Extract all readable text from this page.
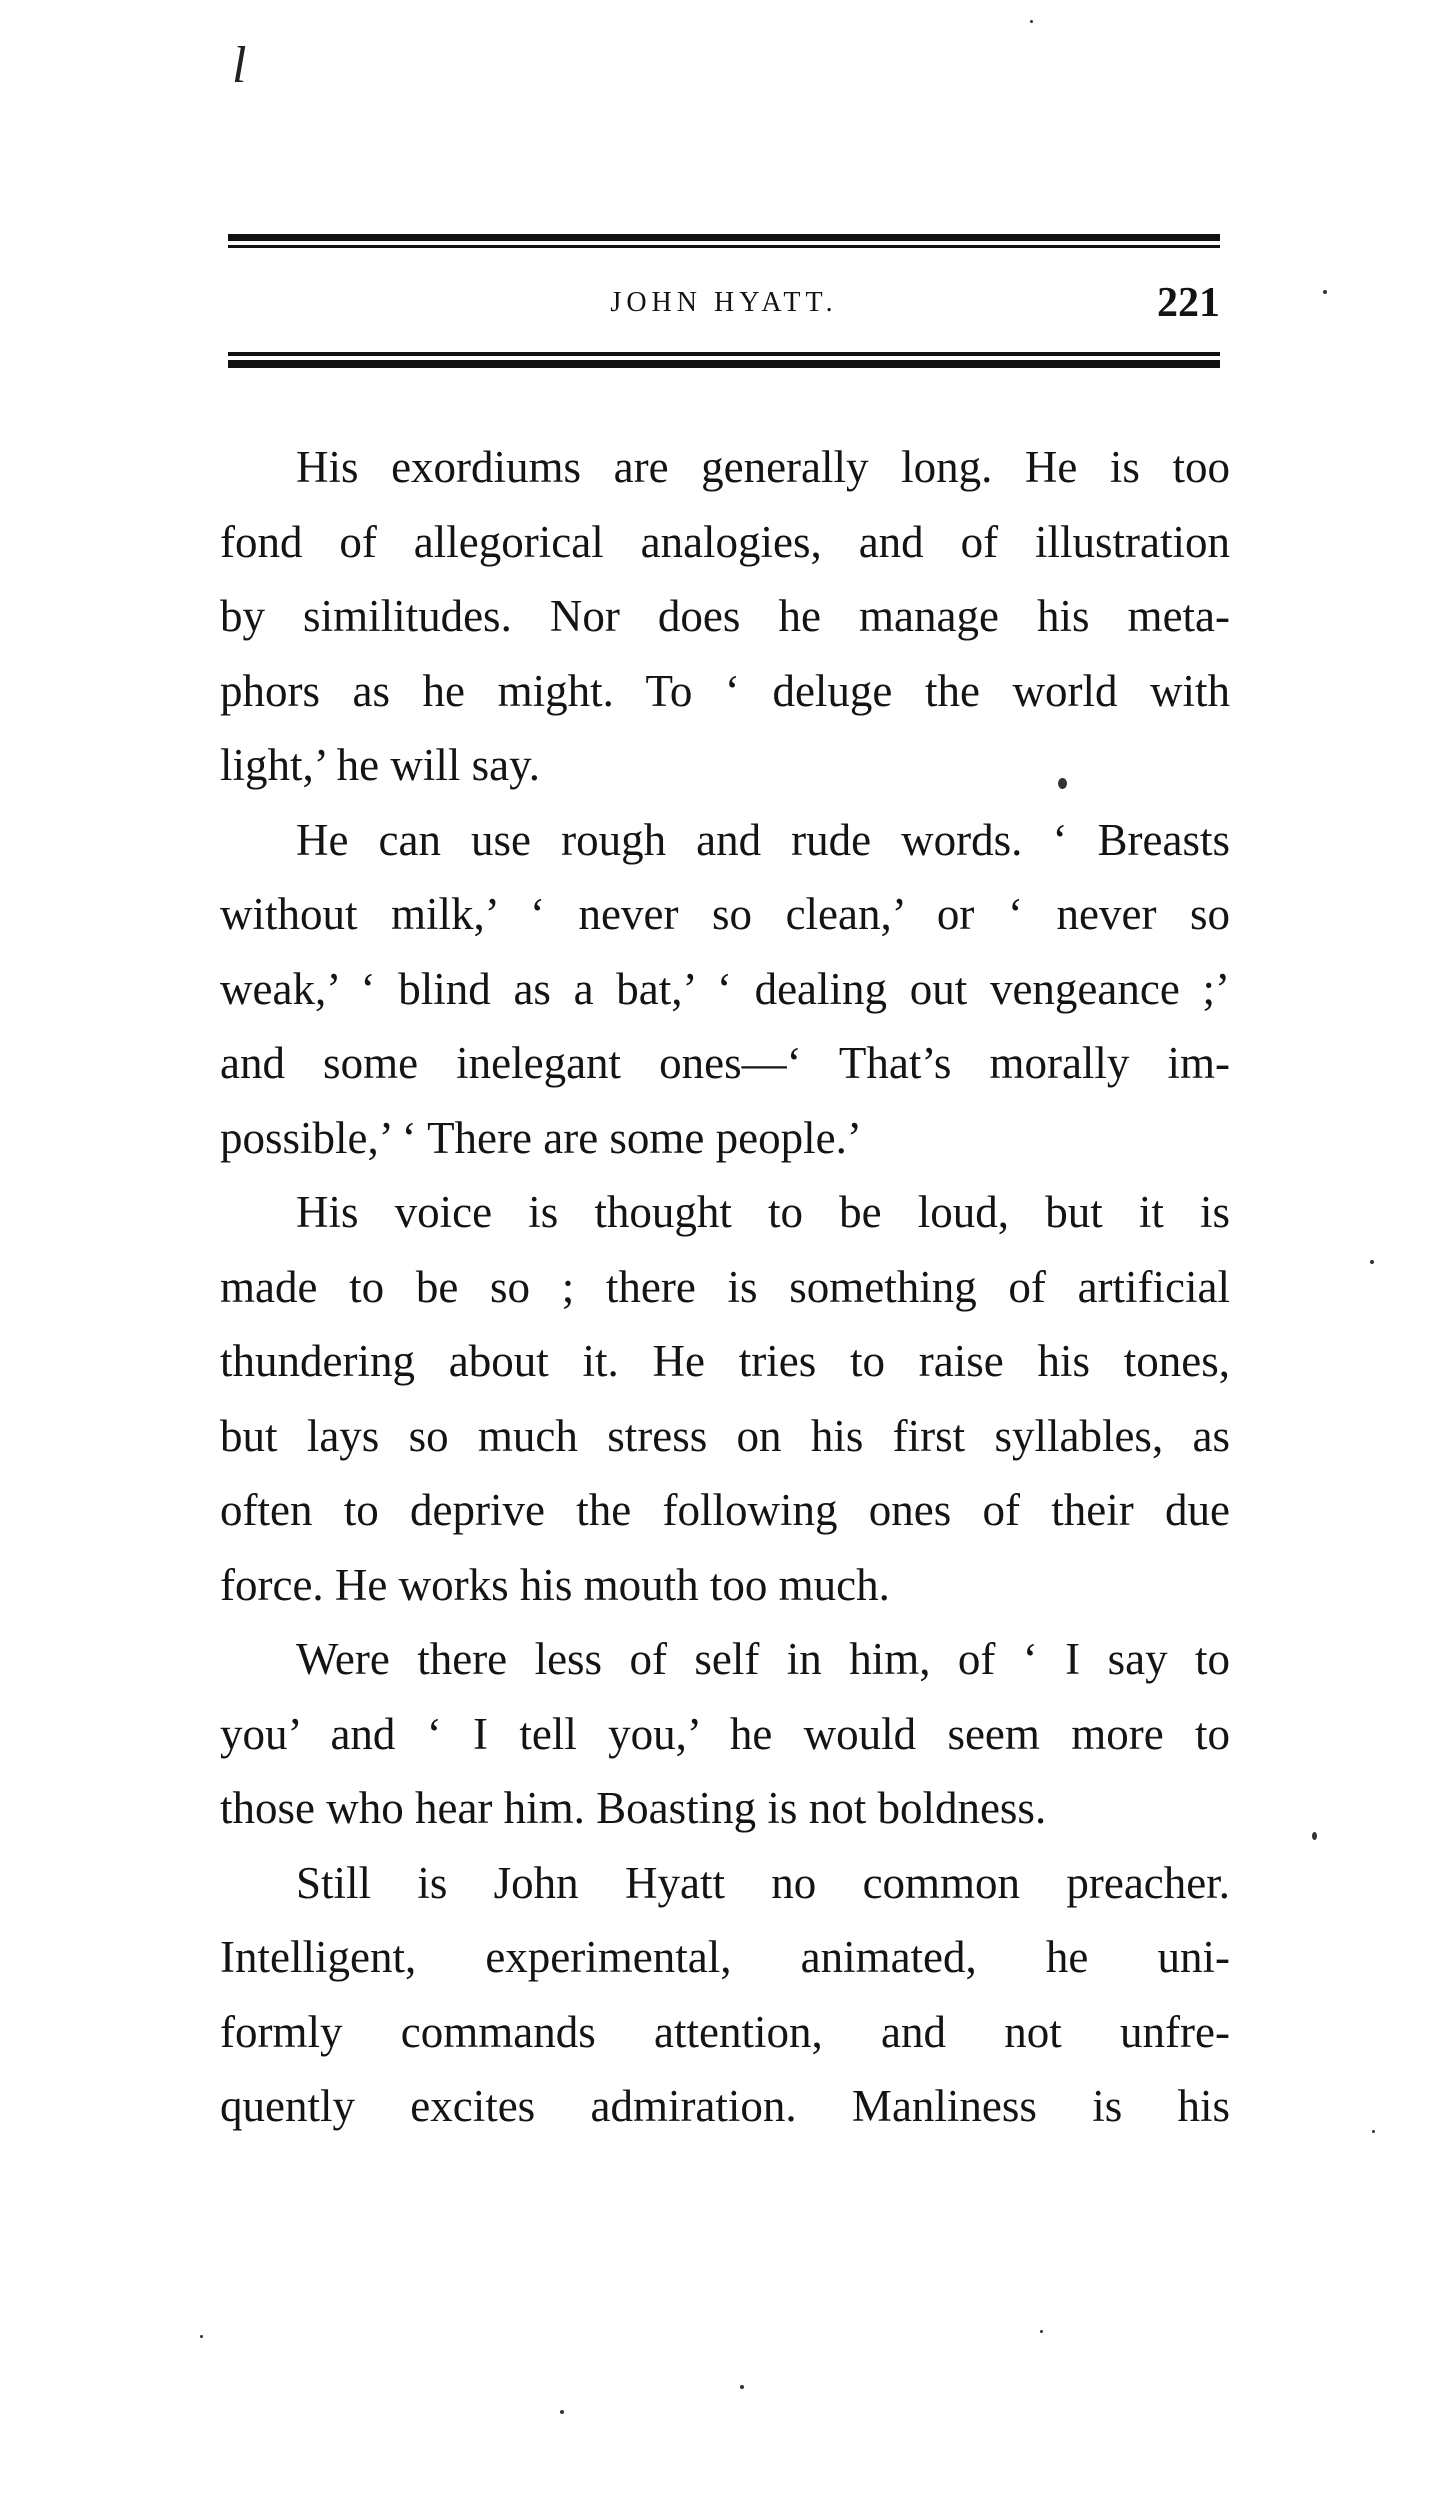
l
JOHN HYATT.	221

His exordiums are generally long. He is too
fond of allegorical analogies, and of illustration
by similitudes. Nor does he manage his meta-
phors as he might. To ‘ deluge the world with
light,’ he will say.

He can use rough and rude words. ‘ Breasts
without milk,’ ‘ never so clean,’ or ‘ never so
weak,’ ‘ blind as a bat,’ ‘ dealing out vengeance ;’
and some inelegant ones—‘ That’s morally im-
possible,’ ‘ There are some people.’

His voice is thought to be loud, but it is
made to be so ; there is something of artificial
thundering about it. He tries to raise his tones,
but lays so much stress on his first syllables, as
often to deprive the following ones of their due
force. He works his mouth too much.

Were there less of self in him, of ‘ I say to
you’ and ‘ I tell you,’ he would seem more to
those who hear him. Boasting is not boldness.

Still is John Hyatt no common preacher.
Intelligent, experimental, animated, he uni-
formly commands attention, and not unfre-
quently excites admiration. Manliness is his
